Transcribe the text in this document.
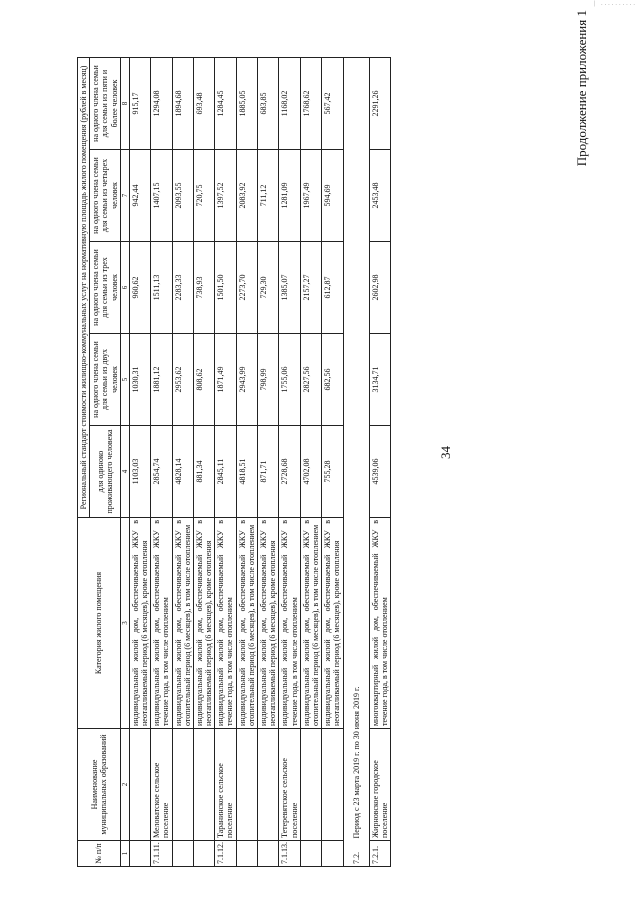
| ..........
34
Продолжение приложения 1
№ п/п	Наименование муниципальных образований	Категория жилого помещения	Региональный стандарт стоимости жилищно-коммунальных услуг на нормативную площадь жилого помещения (рублей в месяц)				
			для одиноко проживающего человека	на одного члена семьи для семьи из двух человек	на одного члена семьи для семьи из трех человек	на одного члена семьи для семьи из четырех человек	на одного члена семьи для семьи из пяти и более человек
1	2	3	4	5	6	7	8
		индивидуальный жилой дом, обеспечиваемый ЖКУ в неотапливаемый период (6 месяцев), кроме отопления	1103,03	1030,31	960,62	942,44	915,17
7.1.11.	Меловатское сельское поселение	индивидуальный жилой дом, обеспечиваемый ЖКУ в течение года, в том числе отоплением	2854,74	1881,12	1511,13	1407,15	1294,08
		индивидуальный жилой дом, обеспечиваемый ЖКУ в отопительный период (6 месяцев), в том числе отоплением	4828,14	2953,62	2283,33	2093,55	1894,68
		индивидуальный жилой дом, обеспечиваемый ЖКУ в неотапливаемый период (6 месяцев), кроме отопления	881,34	808,62	738,93	720,75	693,48
7.1.12.	Таранинское сельское поселение	индивидуальный жилой дом, обеспечиваемый ЖКУ в течение года, в том числе отоплением	2845,11	1871,49	1501,50	1397,52	1284,45
		индивидуальный жилой дом, обеспечиваемый ЖКУ в отопительный период (6 месяцев), в том числе отоплением	4818,51	2943,99	2273,70	2083,92	1885,05
		индивидуальный жилой дом, обеспечиваемый ЖКУ в неотапливаемый период (6 месяцев), кроме отопления	871,71	798,99	729,30	711,12	683,85
7.1.13.	Тетеревятское сельское поселение	индивидуальный жилой дом, обеспечиваемый ЖКУ в течение года, в том числе отоплением	2728,68	1755,06	1385,07	1281,09	1168,02
		индивидуальный жилой дом, обеспечиваемый ЖКУ в отопительный период (6 месяцев), в том числе отоплением	4702,08	2827,56	2157,27	1967,49	1768,62
		индивидуальный жилой дом, обеспечиваемый ЖКУ в неотапливаемый период (6 месяцев), кроме отопления	755,28	682,56	612,87	594,69	567,42
7.2.	Период с 23 марта 2019 г. по 30 июня 2019 г.						
7.2.1.	Жирновское городское поселение	многоквартирный жилой дом, обеспечиваемый ЖКУ в течение года, в том числе отоплением	4539,06	3134,71	2602,98	2453,48	2291,26
